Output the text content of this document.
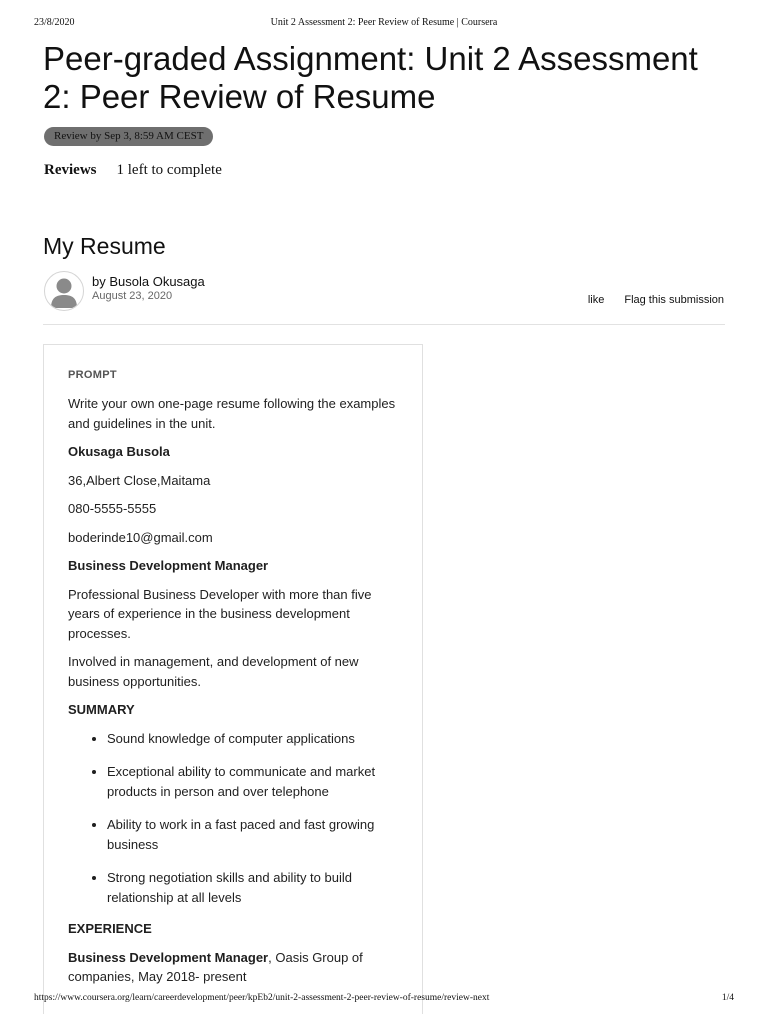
23/8/2020	Unit 2 Assessment 2: Peer Review of Resume | Coursera
Peer-graded Assignment: Unit 2 Assessment 2: Peer Review of Resume
Review by Sep 3, 8:59 AM CEST
Reviews 1 left to complete
My Resume
by Busola Okusaga
August 23, 2020	like Flag this submission
PROMPT

Write your own one-page resume following the examples and guidelines in the unit.

Okusaga Busola

36,Albert Close,Maitama

080-5555-5555

boderinde10@gmail.com

Business Development Manager

Professional Business Developer with more than five years of experience in the business development processes.

Involved in management, and development of new business opportunities.

SUMMARY

• Sound knowledge of computer applications
• Exceptional ability to communicate and market products in person and over telephone
• Ability to work in a fast paced and fast growing business
• Strong negotiation skills and ability to build relationship at all levels

EXPERIENCE

Business Development Manager, Oasis Group of companies, May 2018- present

https://www.coursera.org/learn/careerdevelopment/peer/kpEb2/unit-2-assessment-2-peer-review-of-resume/review-next	1/4
